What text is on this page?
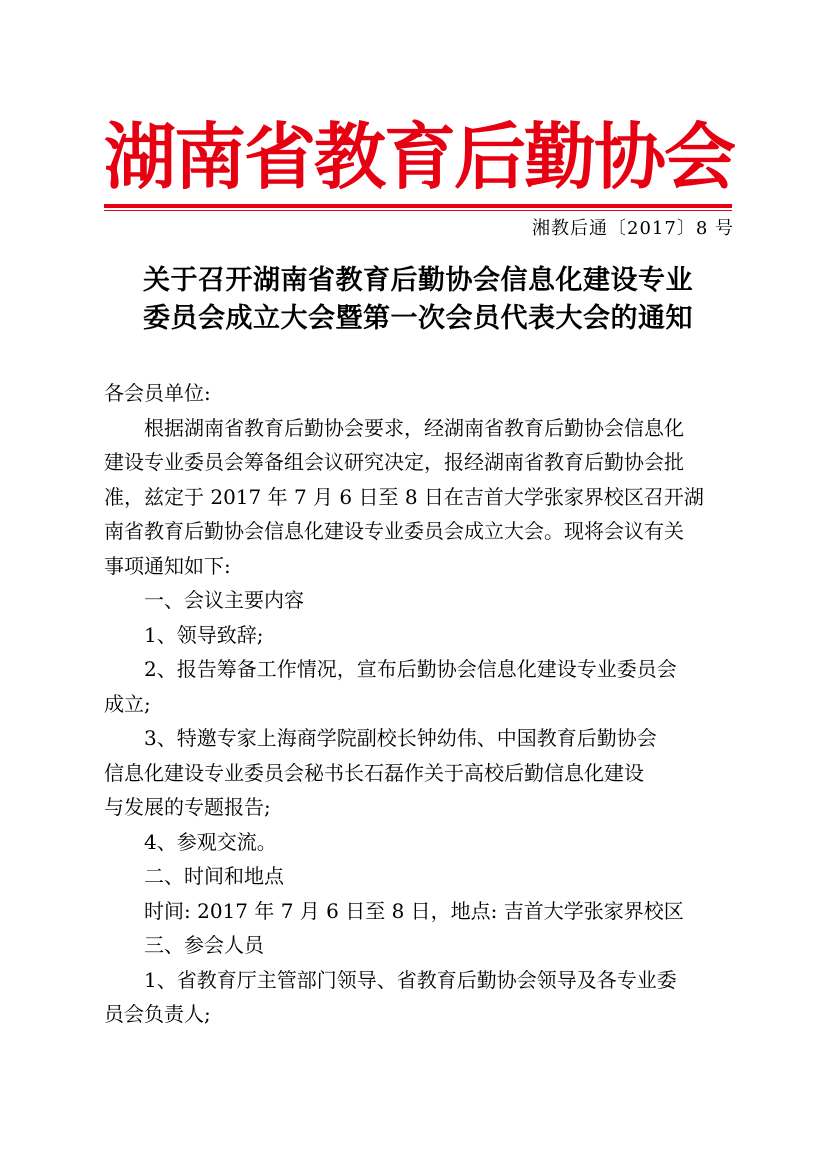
湖南省教育后勤协会
湘教后通〔2017〕8 号
关于召开湖南省教育后勤协会信息化建设专业
委员会成立大会暨第一次会员代表大会的通知
各会员单位:
根据湖南省教育后勤协会要求，经湖南省教育后勤协会信息化
建设专业委员会筹备组会议研究决定，报经湖南省教育后勤协会批
准，兹定于 2017 年 7 月 6 日至 8 日在吉首大学张家界校区召开湖
南省教育后勤协会信息化建设专业委员会成立大会。现将会议有关
事项通知如下:
一、会议主要内容
1、领导致辞;
2、报告筹备工作情况，宣布后勤协会信息化建设专业委员会
成立;
3、特邀专家上海商学院副校长钟幼伟、中国教育后勤协会
信息化建设专业委员会秘书长石磊作关于高校后勤信息化建设
与发展的专题报告;
4、参观交流。
二、时间和地点
时间: 2017 年 7 月 6 日至 8 日，地点: 吉首大学张家界校区
三、参会人员
1、省教育厅主管部门领导、省教育后勤协会领导及各专业委
员会负责人;
